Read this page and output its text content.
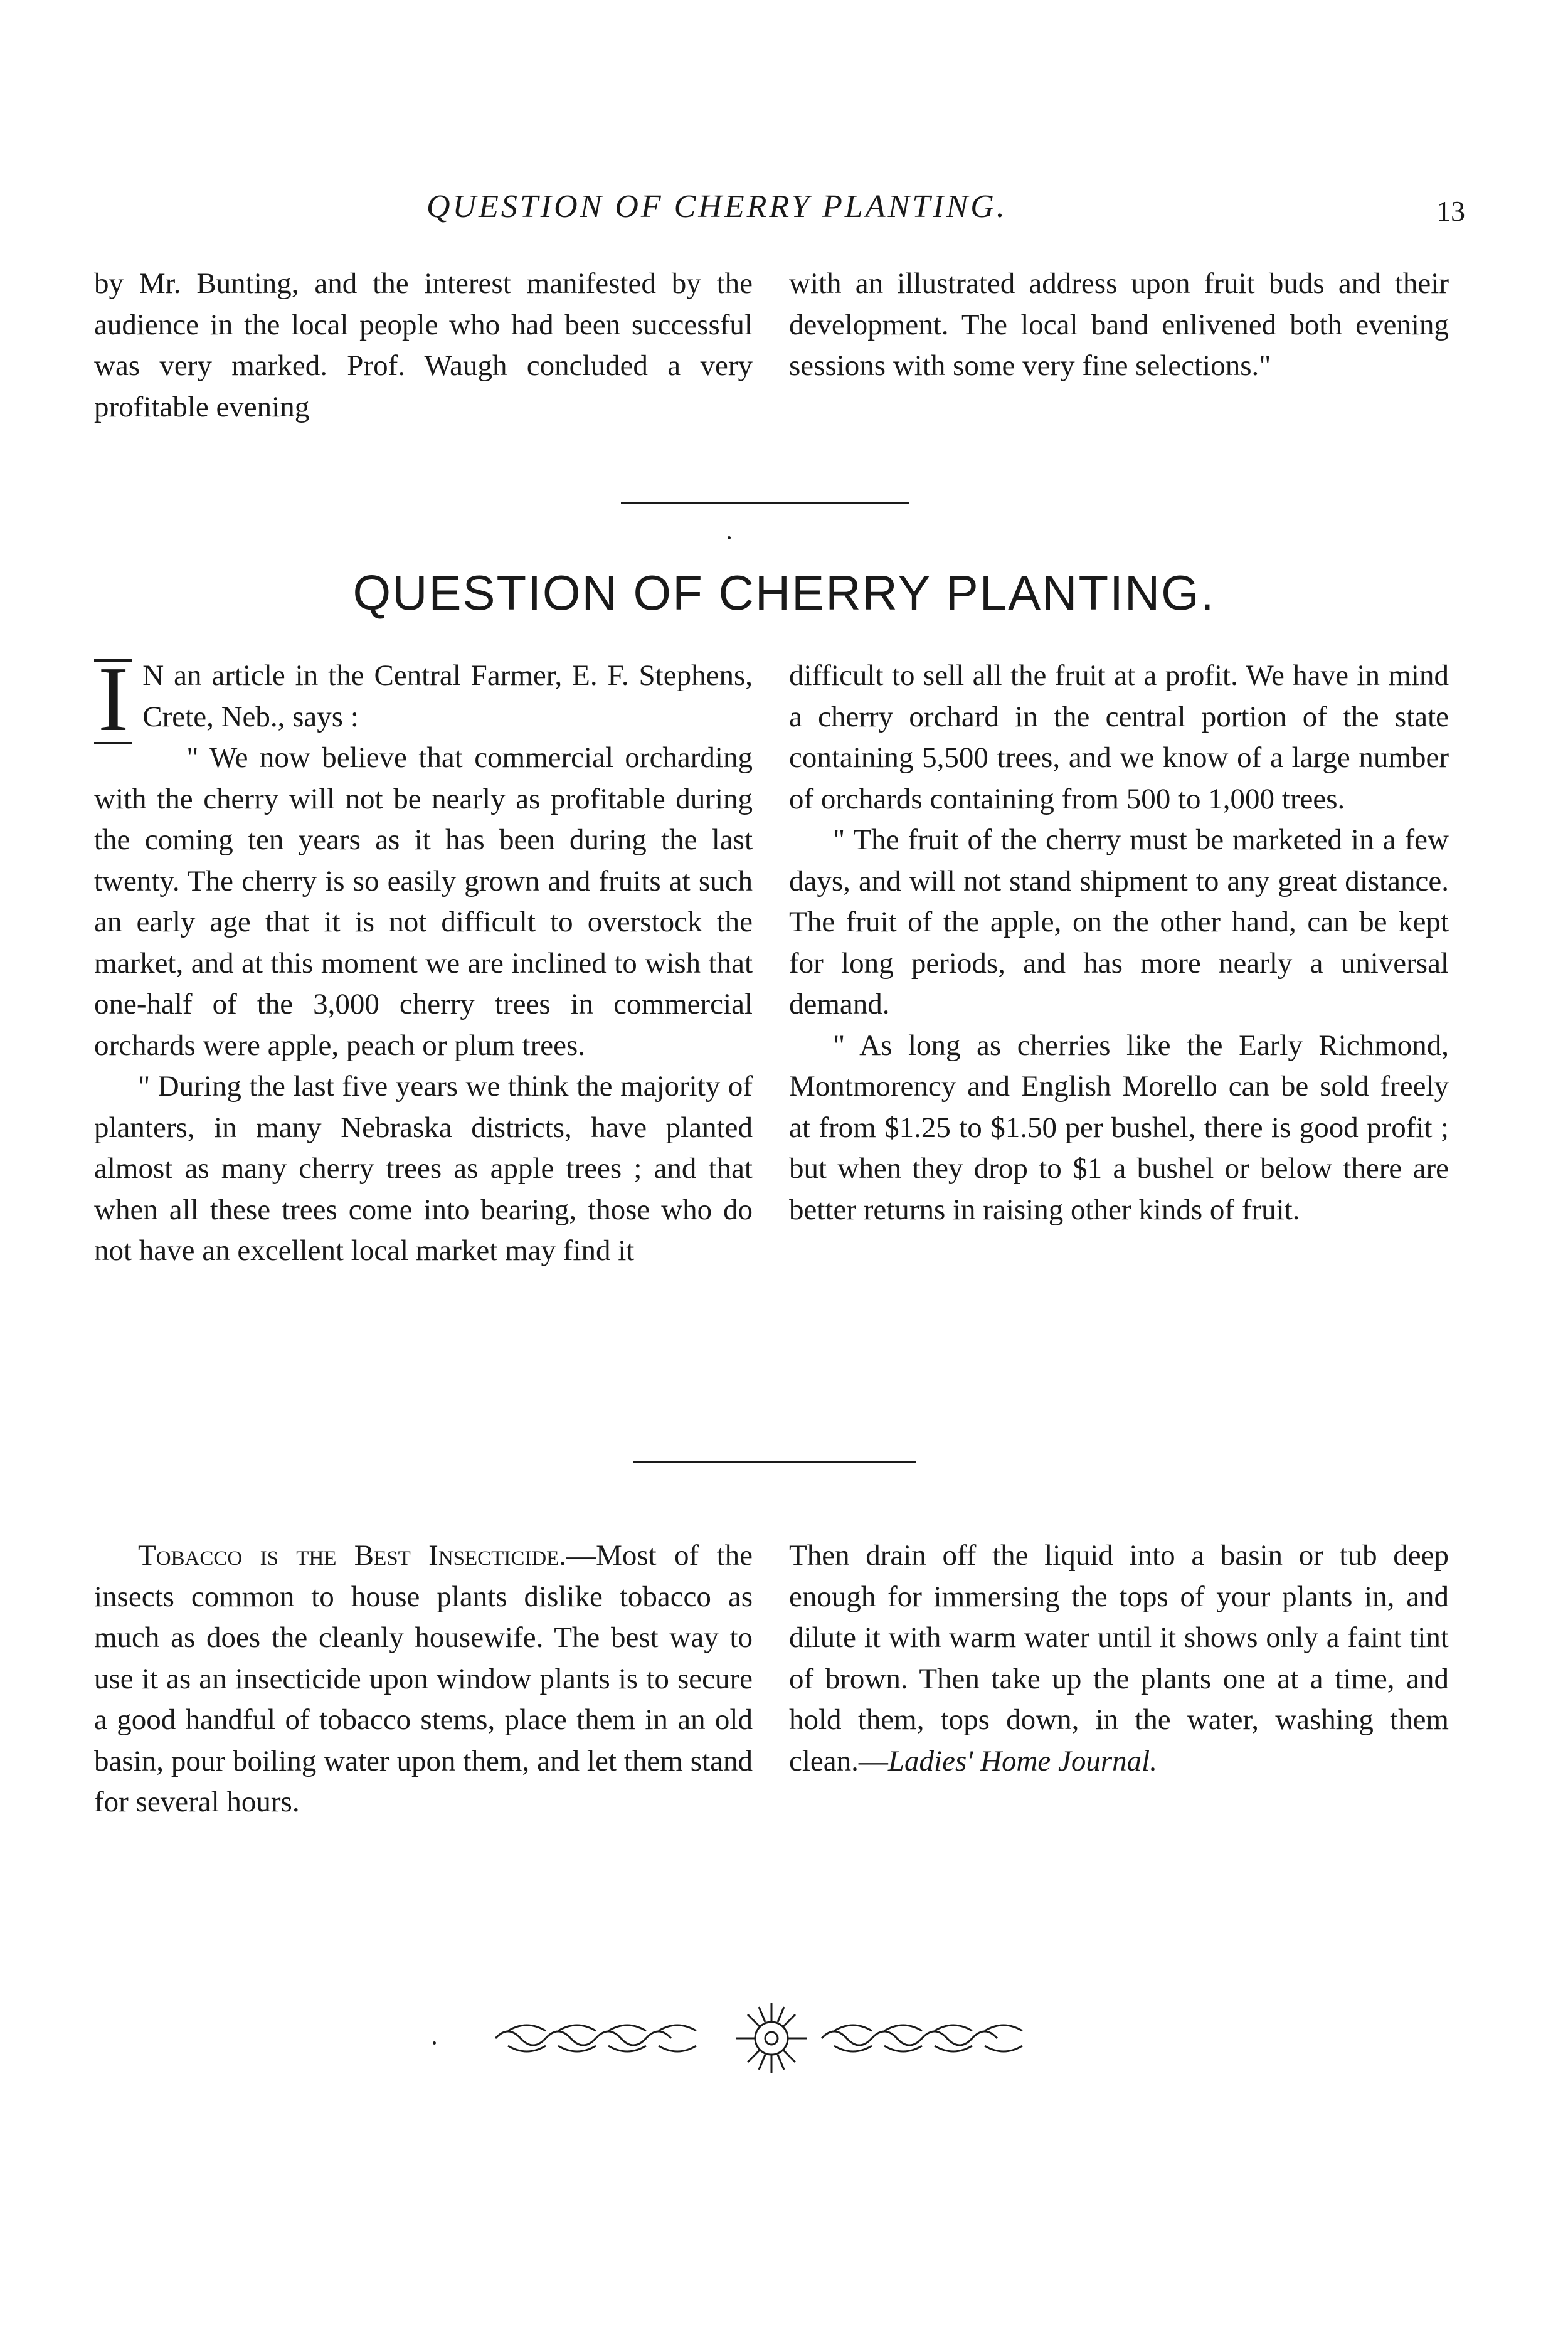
QUESTION OF CHERRY PLANTING.	13

by Mr. Bunting, and the interest manifested by the audience in the local people who had been successful was very marked. Prof. Waugh concluded a very profitable evening

with an illustrated address upon fruit buds and their development. The local band enlivened both evening sessions with some very fine selections."

QUESTION OF CHERRY PLANTING.

I N an article in the Central Farmer, E. F. Stephens, Crete, Neb., says :

" We now believe that commercial orcharding with the cherry will not be nearly as profitable during the coming ten years as it has been during the last twenty. The cherry is so easily grown and fruits at such an early age that it is not difficult to overstock the market, and at this moment we are inclined to wish that one-half of the 3,000 cherry trees in commercial orchards were apple, peach or plum trees.

" During the last five years we think the majority of planters, in many Nebraska districts, have planted almost as many cherry trees as apple trees ; and that when all these trees come into bearing, those who do not have an excellent local market may find it

difficult to sell all the fruit at a profit. We have in mind a cherry orchard in the central portion of the state containing 5,500 trees, and we know of a large number of orchards containing from 500 to 1,000 trees.

" The fruit of the cherry must be marketed in a few days, and will not stand shipment to any great distance. The fruit of the apple, on the other hand, can be kept for long periods, and has more nearly a universal demand.

" As long as cherries like the Early Richmond, Montmorency and English Morello can be sold freely at from $1.25 to $1.50 per bushel, there is good profit ; but when they drop to $1 a bushel or below there are better returns in raising other kinds of fruit.

Tobacco is the Best Insecticide.—Most of the insects common to house plants dislike tobacco as much as does the cleanly housewife. The best way to use it as an insecticide upon window plants is to secure a good handful of tobacco stems, place them in an old basin, pour boiling water upon them, and let them stand for several hours.

Then drain off the liquid into a basin or tub deep enough for immersing the tops of your plants in, and dilute it with warm water until it shows only a faint tint of brown. Then take up the plants one at a time, and hold them, tops down, in the water, washing them clean.—Ladies' Home Journal.
